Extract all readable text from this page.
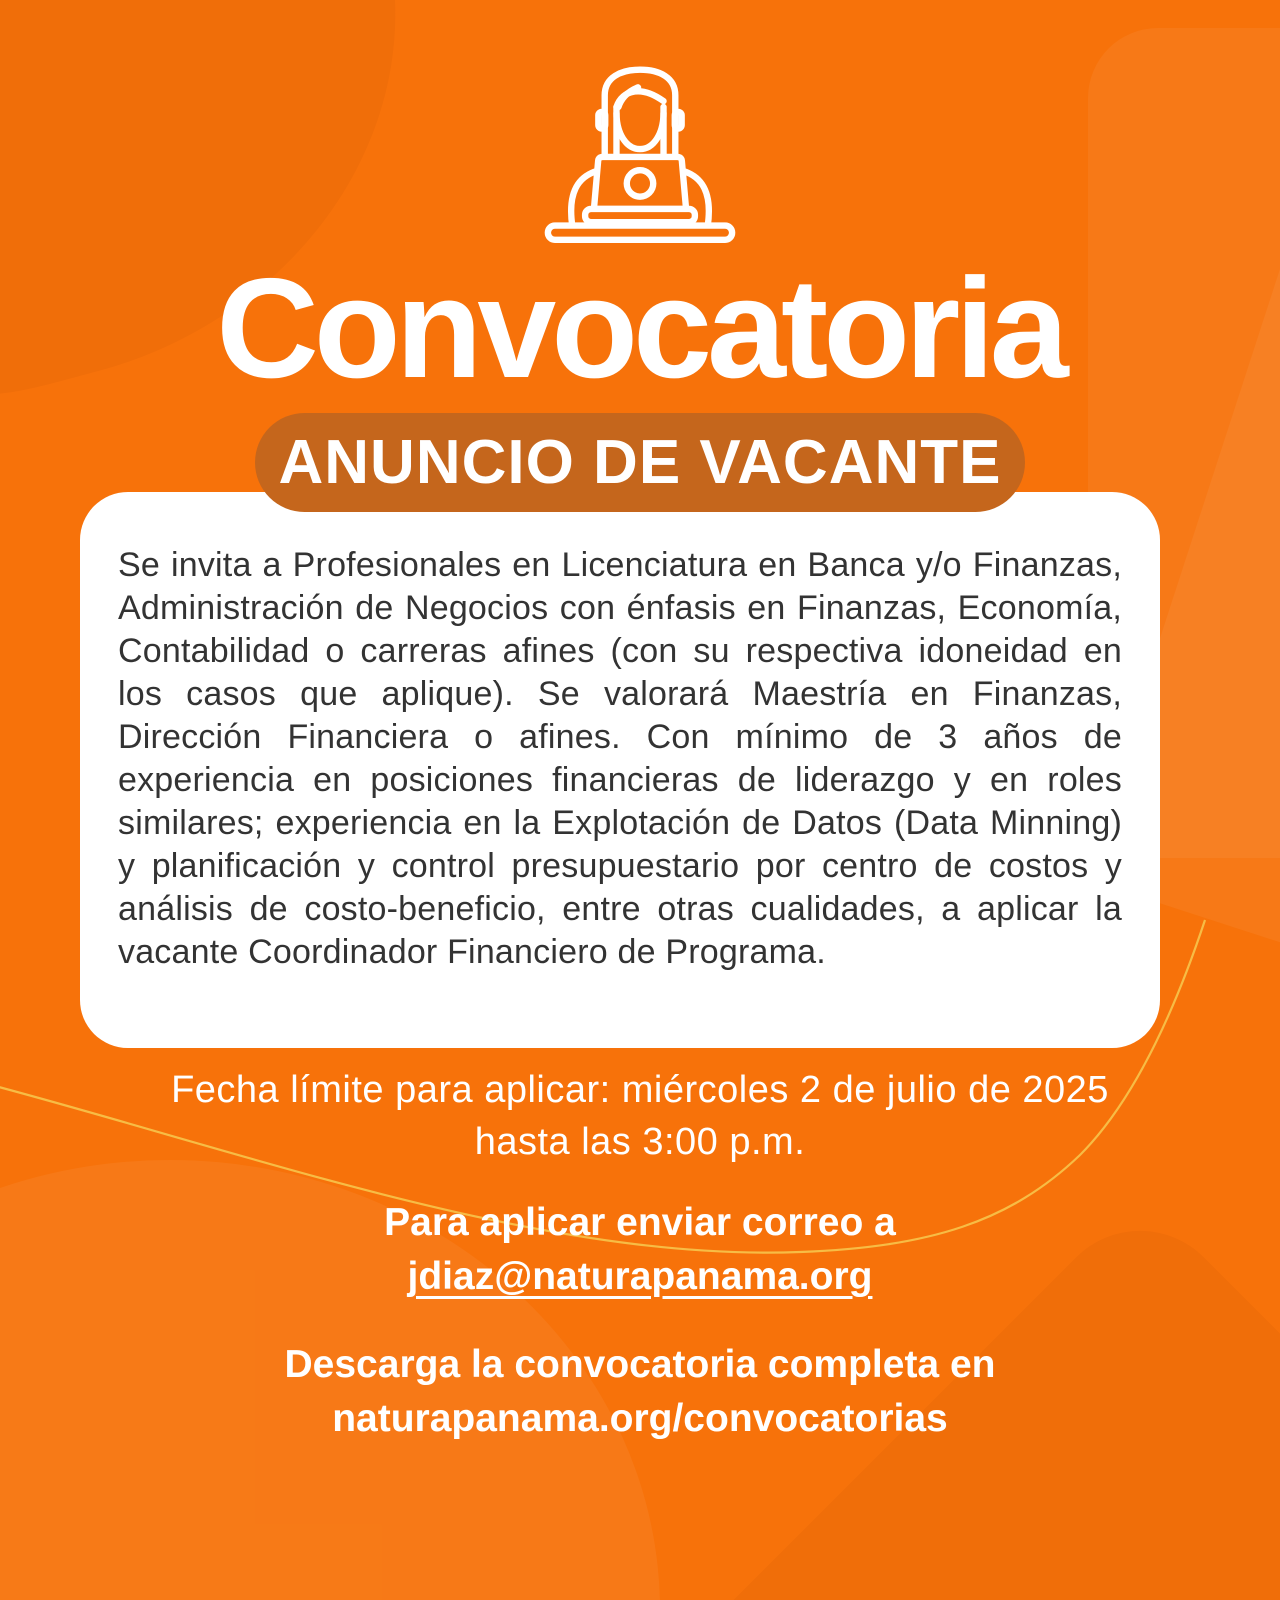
Convocatoria
ANUNCIO DE VACANTE

Se invita a Profesionales en Licenciatura en Banca y/o Finanzas, Administración de Negocios con énfasis en Finanzas, Economía, Contabilidad o carreras afines (con su respectiva idoneidad en los casos que aplique). Se valorará Maestría en Finanzas, Dirección Financiera o afines. Con mínimo de 3 años de experiencia en posiciones financieras de liderazgo y en roles similares; experiencia en la Explotación de Datos (Data Minning) y planificación y control presupuestario por centro de costos y análisis de costo-beneficio, entre otras cualidades, a aplicar la vacante Coordinador Financiero de Programa.

Fecha límite para aplicar: miércoles 2 de julio de 2025
hasta las 3:00 p.m.
Para aplicar enviar correo a
jdiaz@naturapanama.org
Descarga la convocatoria completa en
naturapanama.org/convocatorias
